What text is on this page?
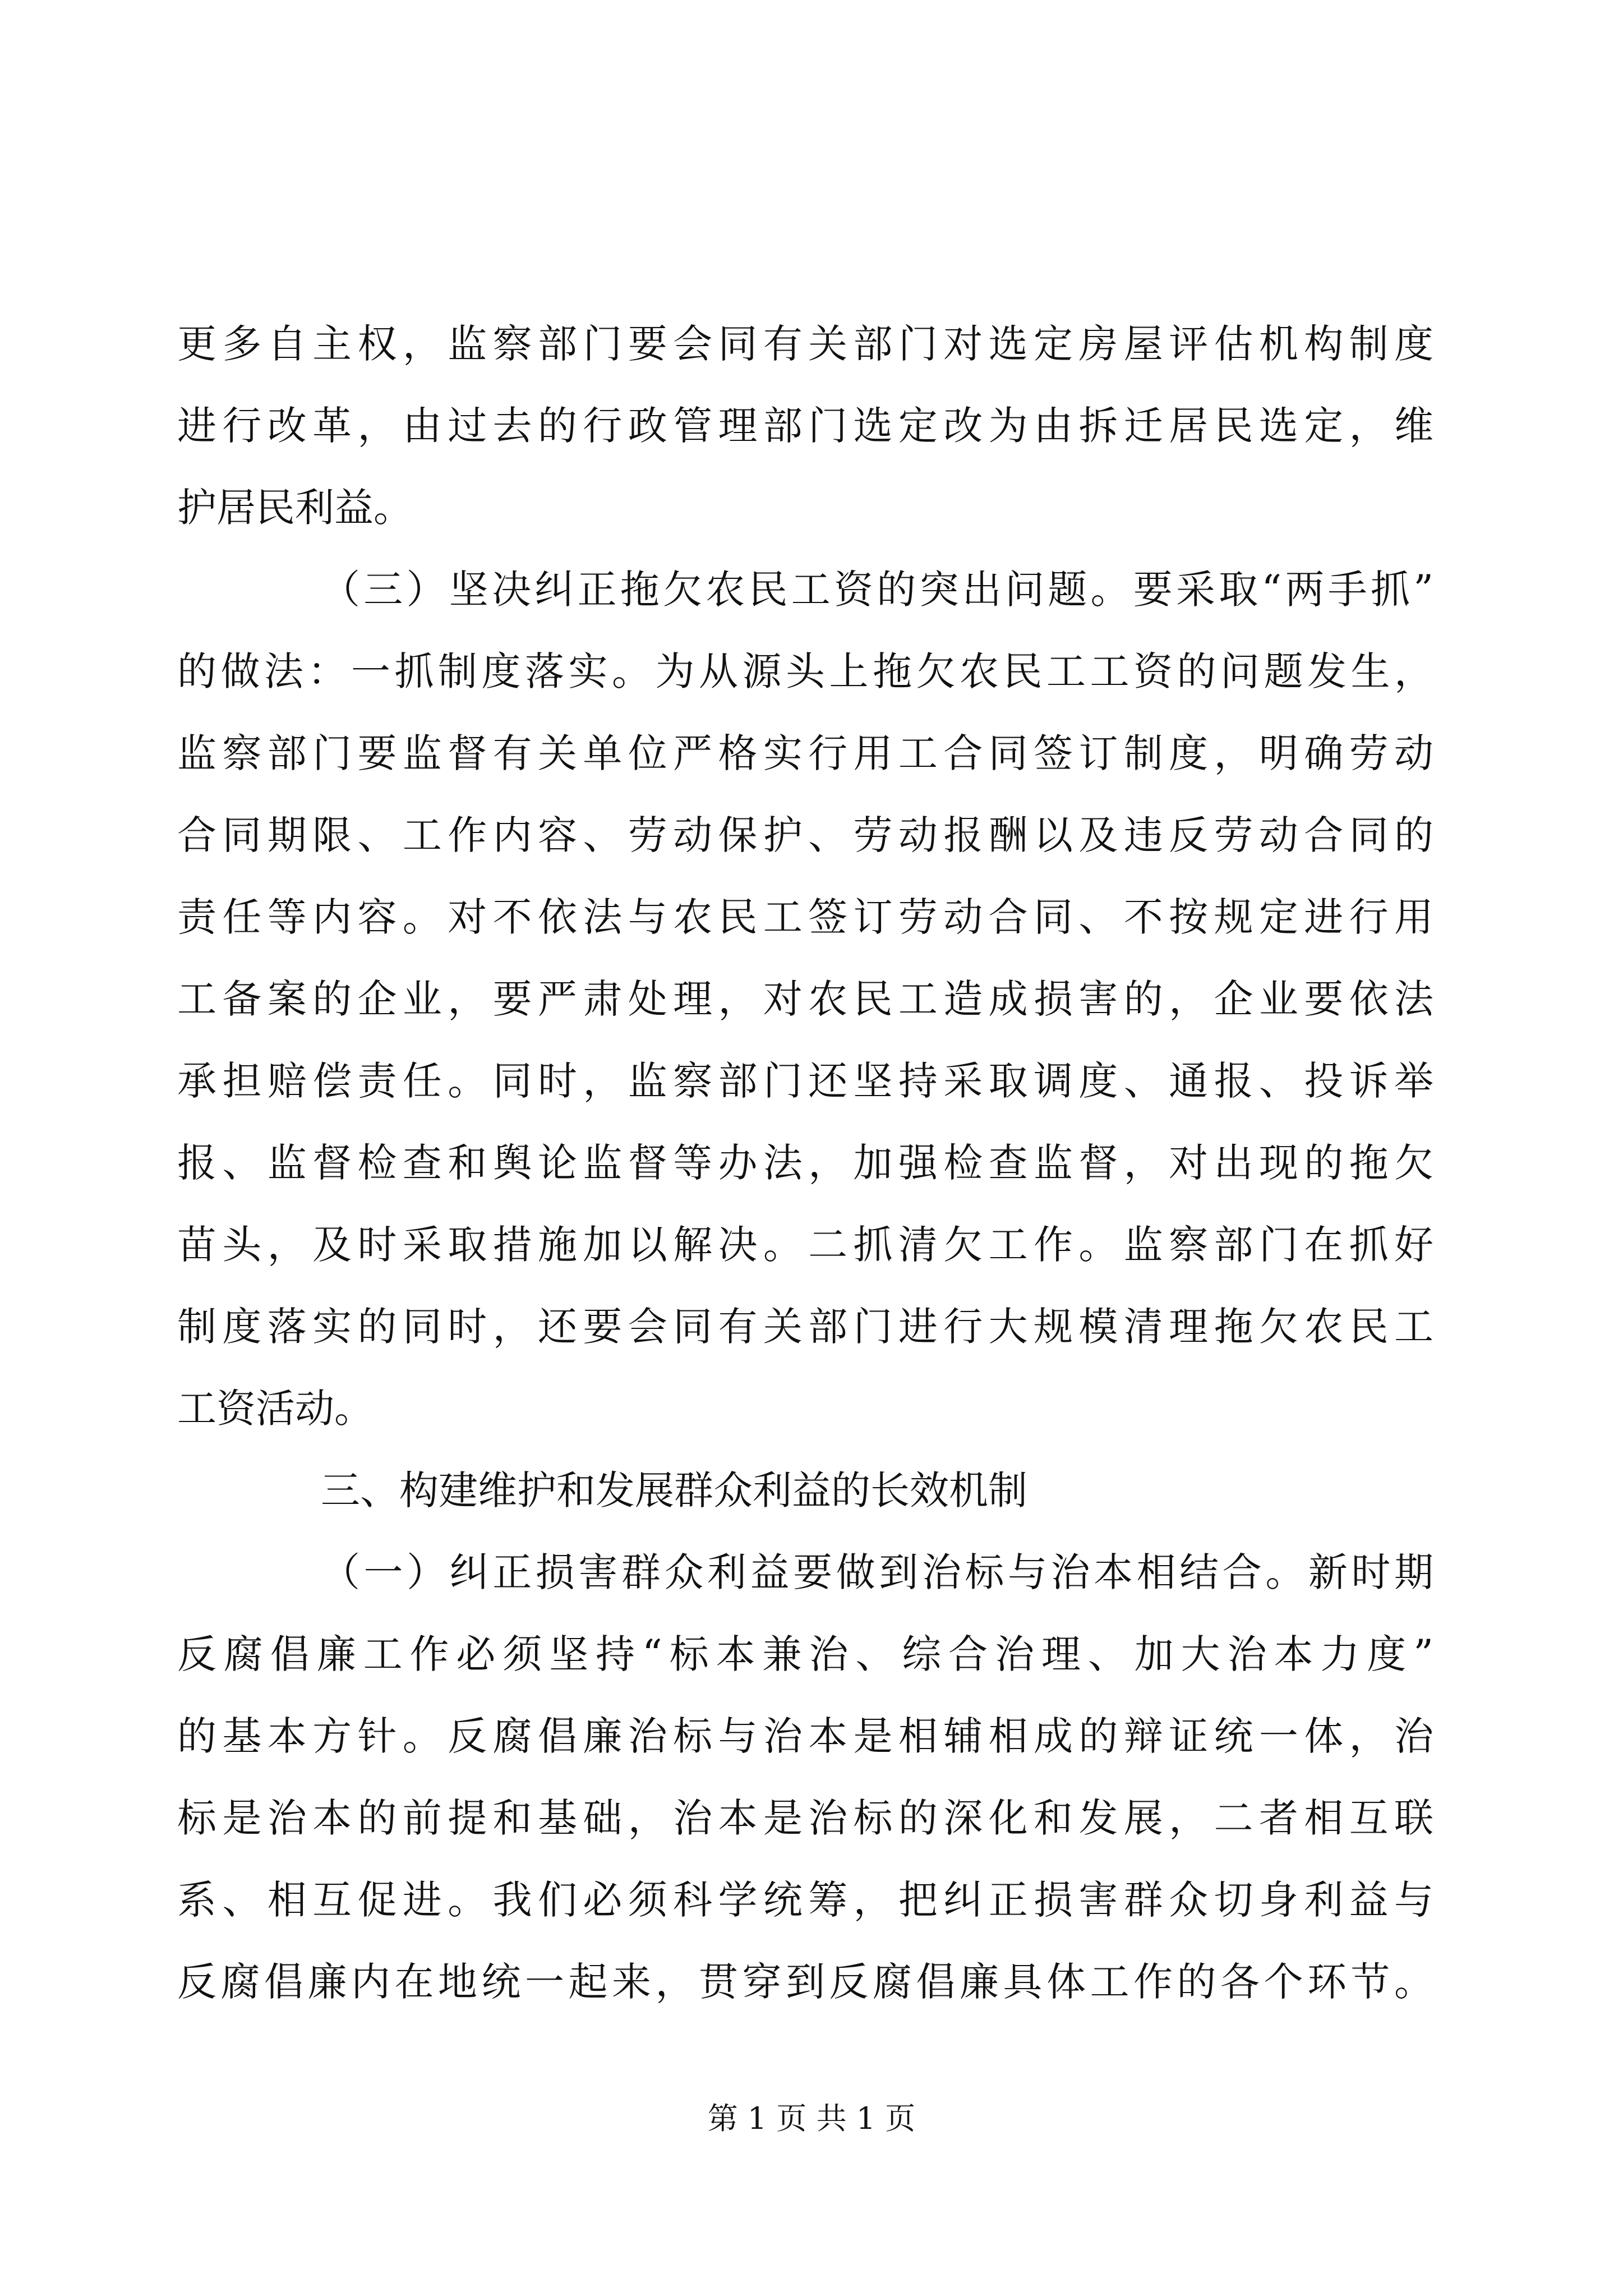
更多自主权，监察部门要会同有关部门对选定房屋评估机构制度
进行改革，由过去的行政管理部门选定改为由拆迁居民选定，维
护居民利益。
（三）坚决纠正拖欠农民工资的突出问题。要采取“两手抓”
的做法：一抓制度落实。为从源头上拖欠农民工工资的问题发生，
监察部门要监督有关单位严格实行用工合同签订制度，明确劳动
合同期限、工作内容、劳动保护、劳动报酬以及违反劳动合同的
责任等内容。对不依法与农民工签订劳动合同、不按规定进行用
工备案的企业，要严肃处理，对农民工造成损害的，企业要依法
承担赔偿责任。同时，监察部门还坚持采取调度、通报、投诉举
报、监督检查和舆论监督等办法，加强检查监督，对出现的拖欠
苗头，及时采取措施加以解决。二抓清欠工作。监察部门在抓好
制度落实的同时，还要会同有关部门进行大规模清理拖欠农民工
工资活动。
三、构建维护和发展群众利益的长效机制
（一）纠正损害群众利益要做到治标与治本相结合。新时期
反腐倡廉工作必须坚持“标本兼治、综合治理、加大治本力度”
的基本方针。反腐倡廉治标与治本是相辅相成的辩证统一体，治
标是治本的前提和基础，治本是治标的深化和发展，二者相互联
系、相互促进。我们必须科学统筹，把纠正损害群众切身利益与
反腐倡廉内在地统一起来，贯穿到反腐倡廉具体工作的各个环节。
第 1 页 共 1 页
